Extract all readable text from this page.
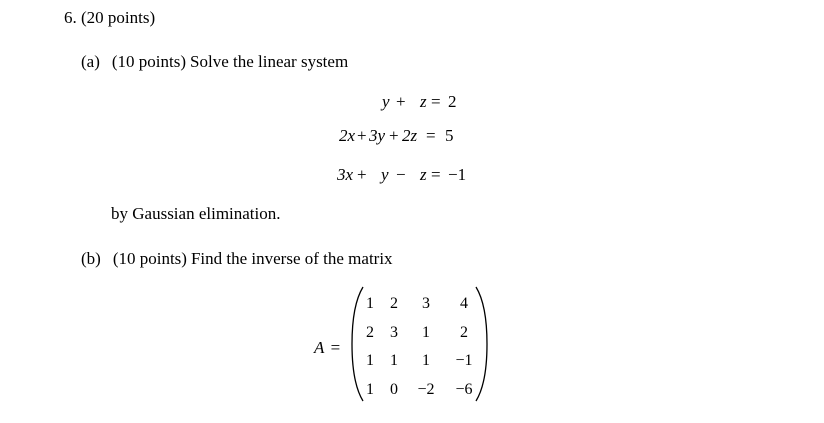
6. (20 points)
(a) (10 points) Solve the linear system
y + z = 2
2x + 3y + 2z = 5
3x + y − z = −1
by Gaussian elimination.
(b) (10 points) Find the inverse of the matrix
A =
1	2	3	4
2	3	1	2
1	1	1	−1
1	0	−2	−6
